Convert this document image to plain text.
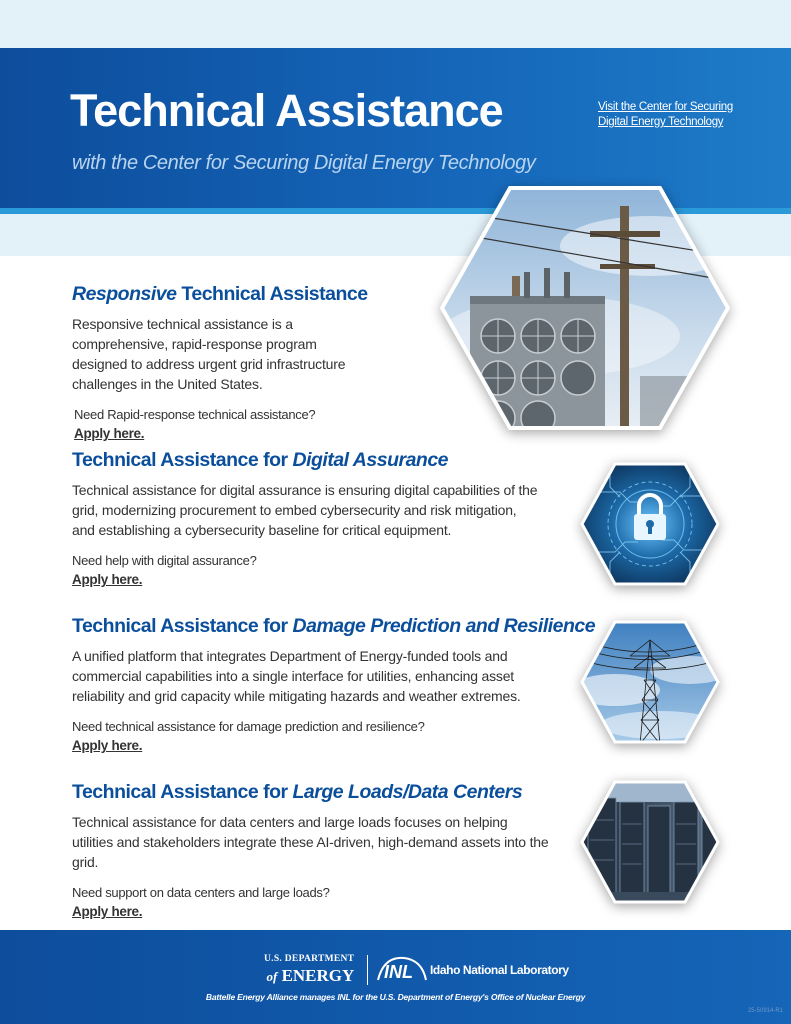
Technical Assistance

with the Center for Securing Digital Energy Technology

Visit the Center for Securing Digital Energy Technology
Responsive Technical Assistance

Responsive technical assistance is a comprehensive, rapid-response program designed to address urgent grid infrastructure challenges in the United States.

Need Rapid-response technical assistance?

Apply here.
Technical Assistance for Digital Assurance

Technical assistance for digital assurance is ensuring digital capabilities of the grid, modernizing procurement to embed cybersecurity and risk mitigation, and establishing a cybersecurity baseline for critical equipment.

Need help with digital assurance?

Apply here.
Technical Assistance for Damage Prediction and Resilience

A unified platform that integrates Department of Energy-funded tools and commercial capabilities into a single interface for utilities, enhancing asset reliability and grid capacity while mitigating hazards and weather extremes.

Need technical assistance for damage prediction and resilience?

Apply here.
Technical Assistance for Large Loads/Data Centers

Technical assistance for data centers and large loads focuses on helping utilities and stakeholders integrate these AI-driven, high-demand assets into the grid.

Need support on data centers and large loads?

Apply here.
U.S. DEPARTMENT
of ENERGY INL Idaho National Laboratory
Battelle Energy Alliance manages INL for the U.S. Department of Energy's Office of Nuclear Energy
25-50914-R1
